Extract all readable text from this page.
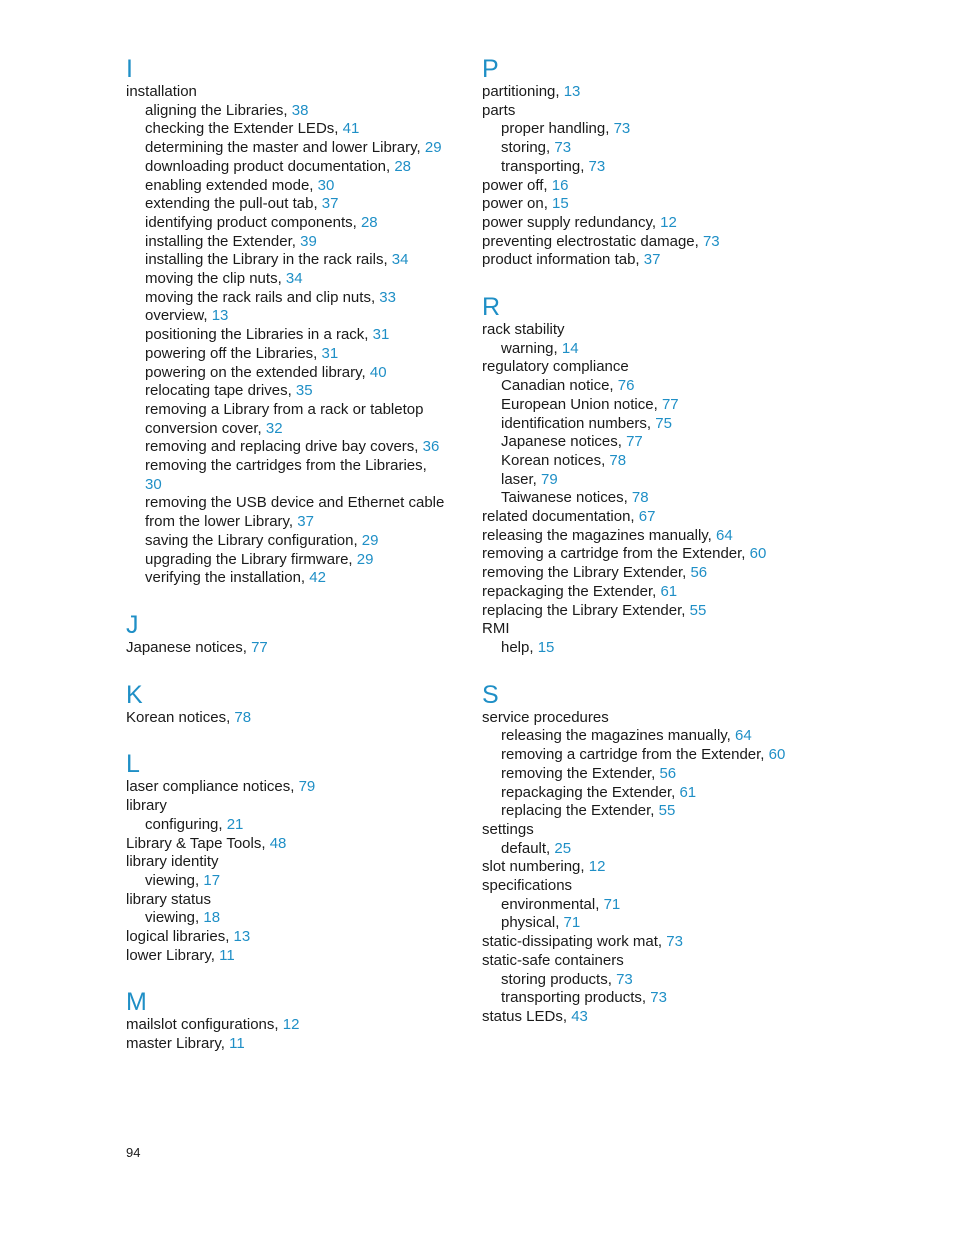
I
installation
aligning the Libraries, 38
checking the Extender LEDs, 41
determining the master and lower Library, 29
downloading product documentation, 28
enabling extended mode, 30
extending the pull-out tab, 37
identifying product components, 28
installing the Extender, 39
installing the Library in the rack rails, 34
moving the clip nuts, 34
moving the rack rails and clip nuts, 33
overview, 13
positioning the Libraries in a rack, 31
powering off the Libraries, 31
powering on the extended library, 40
relocating tape drives, 35
removing a Library from a rack or tabletop
conversion cover, 32
removing and replacing drive bay covers, 36
removing the cartridges from the Libraries,
30
removing the USB device and Ethernet cable
from the lower Library, 37
saving the Library configuration, 29
upgrading the Library firmware, 29
verifying the installation, 42
J
Japanese notices, 77
K
Korean notices, 78
L
laser compliance notices, 79
library
configuring, 21
Library & Tape Tools, 48
library identity
viewing, 17
library status
viewing, 18
logical libraries, 13
lower Library, 11
M
mailslot configurations, 12
master Library, 11
P
partitioning, 13
parts
proper handling, 73
storing, 73
transporting, 73
power off, 16
power on, 15
power supply redundancy, 12
preventing electrostatic damage, 73
product information tab, 37
R
rack stability
warning, 14
regulatory compliance
Canadian notice, 76
European Union notice, 77
identification numbers, 75
Japanese notices, 77
Korean notices, 78
laser, 79
Taiwanese notices, 78
related documentation, 67
releasing the magazines manually, 64
removing a cartridge from the Extender, 60
removing the Library Extender, 56
repackaging the Extender, 61
replacing the Library Extender, 55
RMI
help, 15
S
service procedures
releasing the magazines manually, 64
removing a cartridge from the Extender, 60
removing the Extender, 56
repackaging the Extender, 61
replacing the Extender, 55
settings
default, 25
slot numbering, 12
specifications
environmental, 71
physical, 71
static-dissipating work mat, 73
static-safe containers
storing products, 73
transporting products, 73
status LEDs, 43
94
